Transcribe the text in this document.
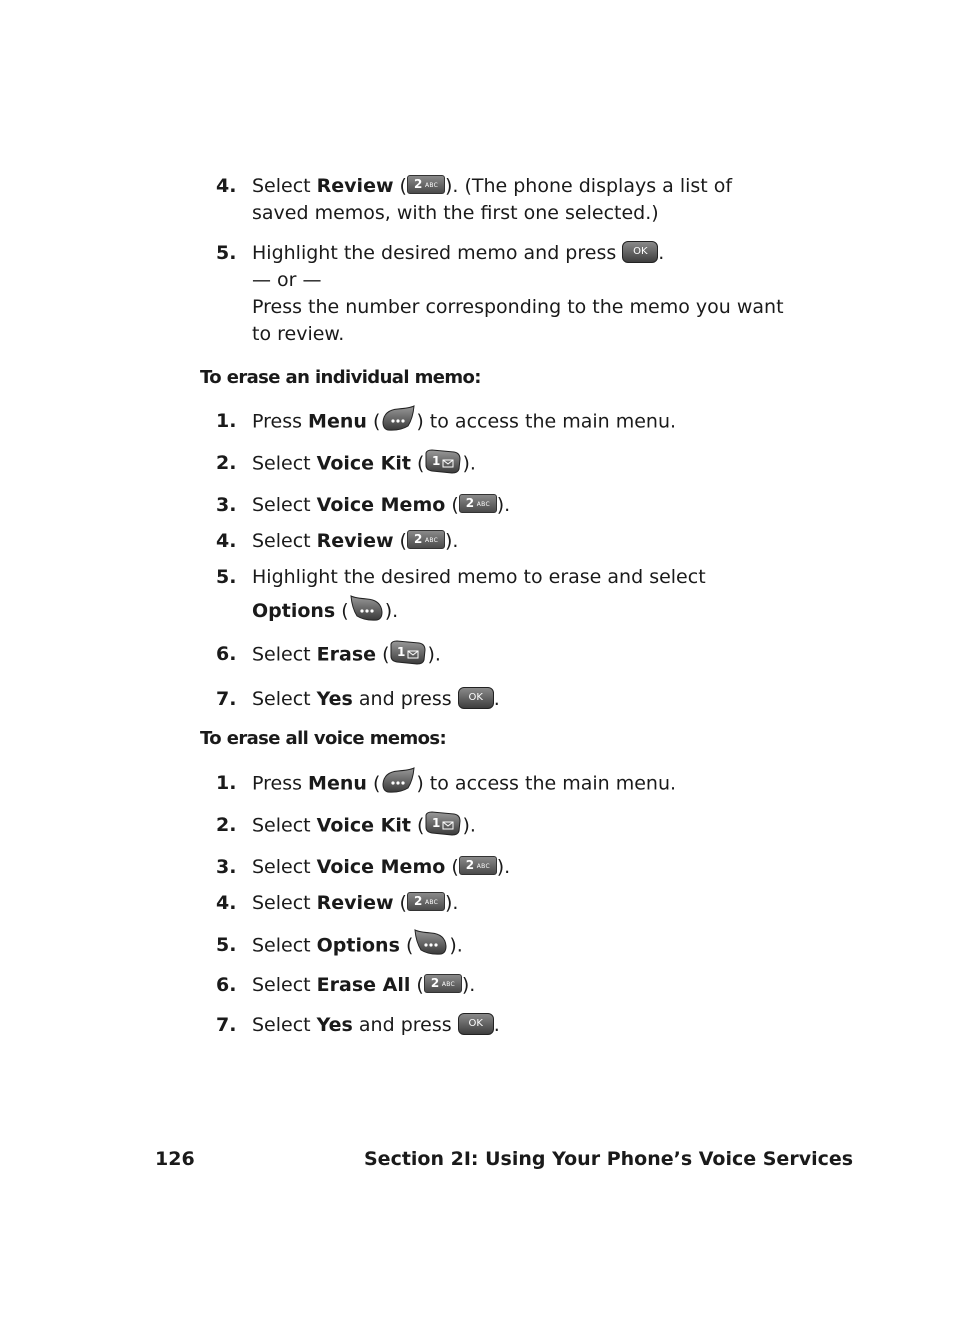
4. Select Review ( 2 ABC ). (The phone displays a list of saved memos, with the first one selected.)
5. Highlight the desired memo and press OK .
— or —
Press the number corresponding to the memo you want to review.
To erase an individual memo:
1. Press Menu ( ) to access the main menu.
2. Select Voice Kit ( 1 ).
3. Select Voice Memo ( 2 ABC ).
4. Select Review ( 2 ABC ).
5. Highlight the desired memo to erase and select Options ( ).
6. Select Erase ( 1 ).
7. Select Yes and press OK .
To erase all voice memos:
1. Press Menu ( ) to access the main menu.
2. Select Voice Kit ( 1 ).
3. Select Voice Memo ( 2 ABC ).
4. Select Review ( 2 ABC ).
5. Select Options ( ).
6. Select Erase All ( 2 ABC ).
7. Select Yes and press OK .
126	Section 2I: Using Your Phone’s Voice Services
